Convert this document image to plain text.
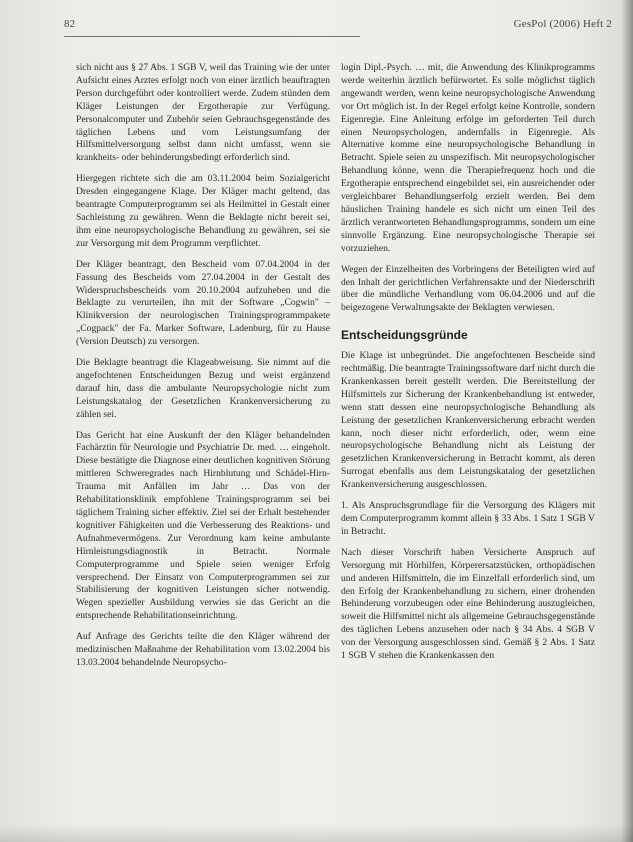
82	GesPol (2006) Heft 2

sich nicht aus § 27 Abs. 1 SGB V, weil das Training wie der unter Aufsicht eines Arztes erfolgt noch von einer ärztlich beauftragten Person durchgeführt oder kontrolliert werde. Zudem stünden dem Kläger Leistungen der Ergotherapie zur Verfügung. Personalcomputer und Zubehör seien Gebrauchsgegenstände des täglichen Lebens und vom Leistungsumfang der Hilfsmittelversorgung selbst dann nicht umfasst, wenn sie krankheits- oder behinderungsbedingt erforderlich sind.

Hiergegen richtete sich die am 03.11.2004 beim Sozialgericht Dresden eingegangene Klage. Der Kläger macht geltend, das beantragte Computerprogramm sei als Heilmittel in Gestalt einer Sachleistung zu gewähren. Wenn die Beklagte nicht bereit sei, ihm eine neuropsychologische Behandlung zu gewähren, sei sie zur Versorgung mit dem Programm verpflichtet.

Der Kläger beantragt, den Bescheid vom 07.04.2004 in der Fassung des Bescheids vom 27.04.2004 in der Gestalt des Widerspruchsbescheids vom 20.10.2004 aufzuheben und die Beklagte zu verurteilen, ihn mit der Software „Cogwin" – Klinikversion der neurologischen Trainingsprogrammpakete „Cogpack" der Fa. Marker Software, Ladenburg, für zu Hause (Version Deutsch) zu versorgen.

Die Beklagte beantragt die Klageabweisung. Sie nimmt auf die angefochtenen Entscheidungen Bezug und weist ergänzend darauf hin, dass die ambulante Neuropsychologie nicht zum Leistungskatalog der Gesetzlichen Krankenversicherung zu zählen sei.

Das Gericht hat eine Auskunft der den Kläger behandelnden Fachärztin für Neurologie und Psychiatrie Dr. med. … eingeholt. Diese bestätigte die Diagnose einer deutlichen kognitiven Störung mittleren Schweregrades nach Hirnblutung und Schädel-Hirn-Trauma mit Anfällen im Jahr … Das von der Rehabilitationsklinik empfohlene Trainingsprogramm sei bei täglichem Training sicher effektiv. Ziel sei der Erhalt bestehender kognitiver Fähigkeiten und die Verbesserung des Reaktions- und Aufnahmevermögens. Zur Verordnung kam keine ambulante Hirnleistungsdiagnostik in Betracht. Normale Computerprogramme und Spiele seien weniger Erfolg versprechend. Der Einsatz von Computerprogrammen sei zur Stabilisierung der kognitiven Leistungen sicher notwendig. Wegen spezieller Ausbildung verwies sie das Gericht an die entsprechende Rehabilitationseinrichtung.

Auf Anfrage des Gerichts teilte die den Kläger während der medizinischen Maßnahme der Rehabilitation vom 13.02.2004 bis 13.03.2004 behandelnde Neuropsycho-

login Dipl.-Psych. … mit, die Anwendung des Klinikprogramms werde weiterhin ärztlich befürwortet. Es solle möglichst täglich angewandt werden, wenn keine neuropsychologische Anwendung vor Ort möglich ist. In der Regel erfolgt keine Kontrolle, sondern Eigenregie. Eine Anleitung erfolge im geforderten Teil durch einen Neuropsychologen, andernfalls in Eigenregie. Als Alternative komme eine neuropsychologische Behandlung in Betracht. Spiele seien zu unspezifisch. Mit neuropsychologischer Behandlung könne, wenn die Therapiefrequenz hoch und die Ergotherapie entsprechend eingebildet sei, ein ausreichender oder vergleichbarer Behandlungserfolg erzielt werden. Bei dem häuslichen Training handele es sich nicht um einen Teil des ärztlich verantworteten Behandlungsprogramms, sondern um eine sinnvolle Ergänzung. Eine neuropsychologische Therapie sei vorzuziehen.

Wegen der Einzelheiten des Vorbringens der Beteiligten wird auf den Inhalt der gerichtlichen Verfahrensakte und der Niederschrift über die mündliche Verhandlung vom 06.04.2006 und auf die beigezogene Verwaltungsakte der Beklagten verwiesen.

Entscheidungsgründe

Die Klage ist unbegründet. Die angefochtenen Bescheide sind rechtmäßig. Die beantragte Trainingssoftware darf nicht durch die Krankenkassen bereit gestellt werden. Die Bereitstellung der Hilfsmittels zur Sicherung der Krankenbehandlung ist entweder, wenn statt dessen eine neuropsychologische Behandlung als Leistung der gesetzlichen Krankenversicherung erbracht werden kann, noch dieser nicht erforderlich, oder, wenn eine neuropsychologische Behandlung nicht als Leistung der gesetzlichen Krankenversicherung in Betracht kommt, als deren Surrogat ebenfalls aus dem Leistungskatalog der gesetzlichen Krankenversicherung ausgeschlossen.

1. Als Anspruchsgrundlage für die Versorgung des Klägers mit dem Computerprogramm kommt allein § 33 Abs. 1 Satz 1 SGB V in Betracht.

Nach dieser Vorschrift haben Versicherte Anspruch auf Versorgung mit Hörhilfen, Körperersatzstücken, orthopädischen und anderen Hilfsmitteln, die im Einzelfall erforderlich sind, um den Erfolg der Krankenbehandlung zu sichern, einer drohenden Behinderung vorzubeugen oder eine Behinderung auszugleichen, soweit die Hilfsmittel nicht als allgemeine Gebrauchsgegenstände des täglichen Lebens anzusehen oder nach § 34 Abs. 4 SGB V von der Versorgung ausgeschlossen sind. Gemäß § 2 Abs. 1 Satz 1 SGB V stehen die Krankenkassen den
